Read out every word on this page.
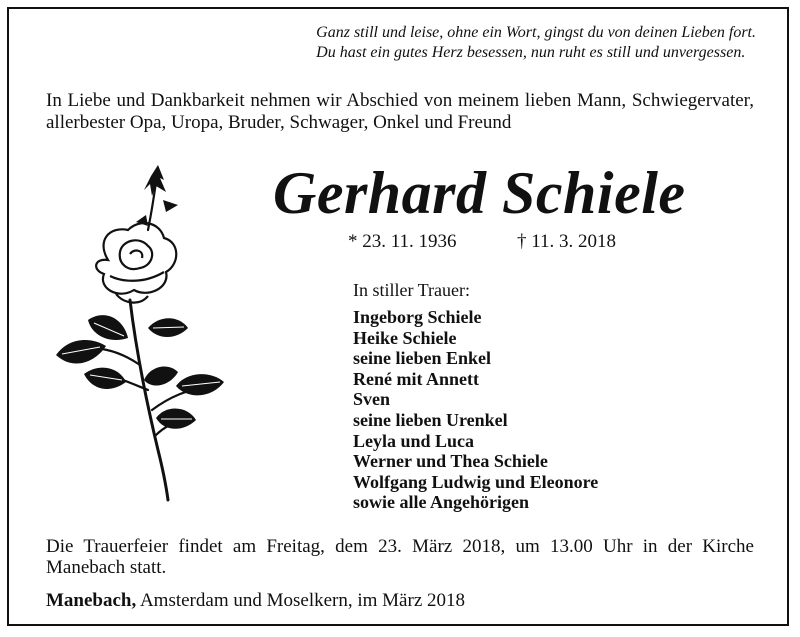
Ganz still und leise, ohne ein Wort, gingst du von deinen Lieben fort.
Du hast ein gutes Herz besessen, nun ruht es still und unvergessen.
In Liebe und Dankbarkeit nehmen wir Abschied von meinem lieben Mann, Schwiegervater, allerbester Opa, Uropa, Bruder, Schwager, Onkel und Freund
Gerhard Schiele
* 23. 11. 1936	† 11. 3. 2018
In stiller Trauer:
Ingeborg Schiele
Heike Schiele
seine lieben Enkel
René mit Annett
Sven
seine lieben Urenkel
Leyla und Luca
Werner und Thea Schiele
Wolfgang Ludwig und Eleonore
sowie alle Angehörigen
Die Trauerfeier findet am Freitag, dem 23. März 2018, um 13.00 Uhr in der Kirche Manebach statt.
Manebach, Amsterdam und Moselkern, im März 2018
